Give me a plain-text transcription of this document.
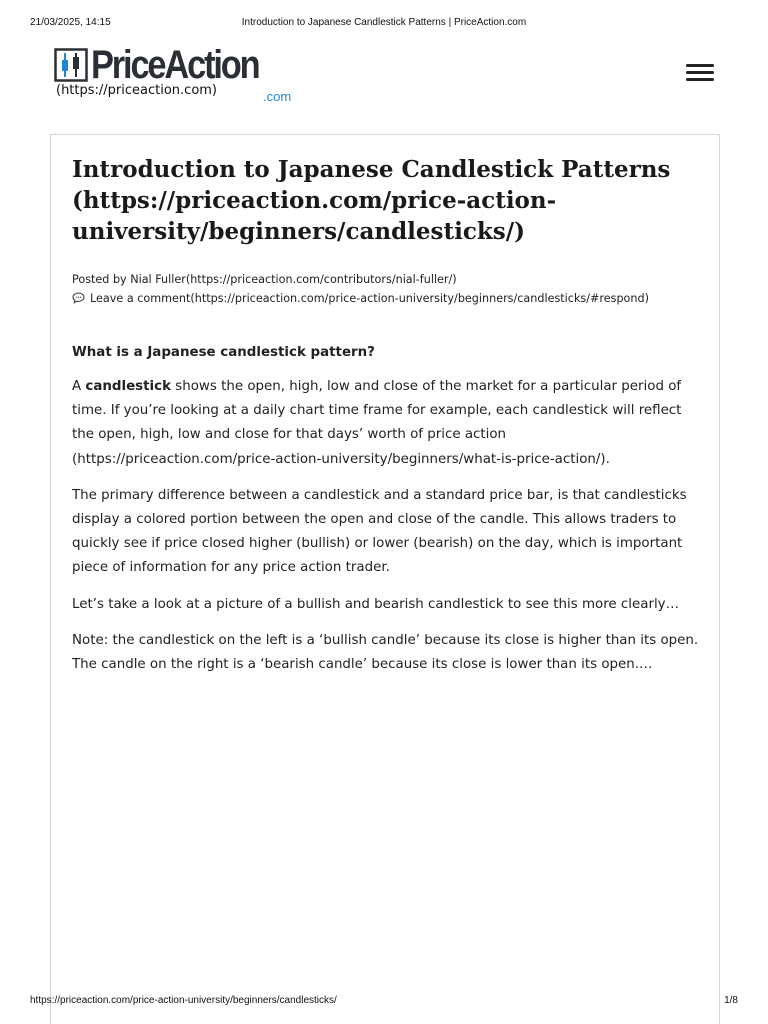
21/03/2025, 14:15	Introduction to Japanese Candlestick Patterns | PriceAction.com
PriceAction
.com
(https://priceaction.com)
Introduction to Japanese Candlestick Patterns (https://priceaction.com/price-action-university/beginners/candlesticks/)
Posted by Nial Fuller(https://priceaction.com/contributors/nial-fuller/)
Leave a comment(https://priceaction.com/price-action-university/beginners/candlesticks/#respond)
What is a Japanese candlestick pattern?

A candlestick shows the open, high, low and close of the market for a particular period of time. If you’re looking at a daily chart time frame for example, each candlestick will reflect the open, high, low and close for that days’ worth of price action (https://priceaction.com/price-action-university/beginners/what-is-price-action/).

The primary difference between a candlestick and a standard price bar, is that candlesticks display a colored portion between the open and close of the candle. This allows traders to quickly see if price closed higher (bullish) or lower (bearish) on the day, which is important piece of information for any price action trader.

Let’s take a look at a picture of a bullish and bearish candlestick to see this more clearly…

Note: the candlestick on the left is a ‘bullish candle’ because its close is higher than its open. The candle on the right is a ‘bearish candle’ because its close is lower than its open.…

https://priceaction.com/price-action-university/beginners/candlesticks/	1/8
